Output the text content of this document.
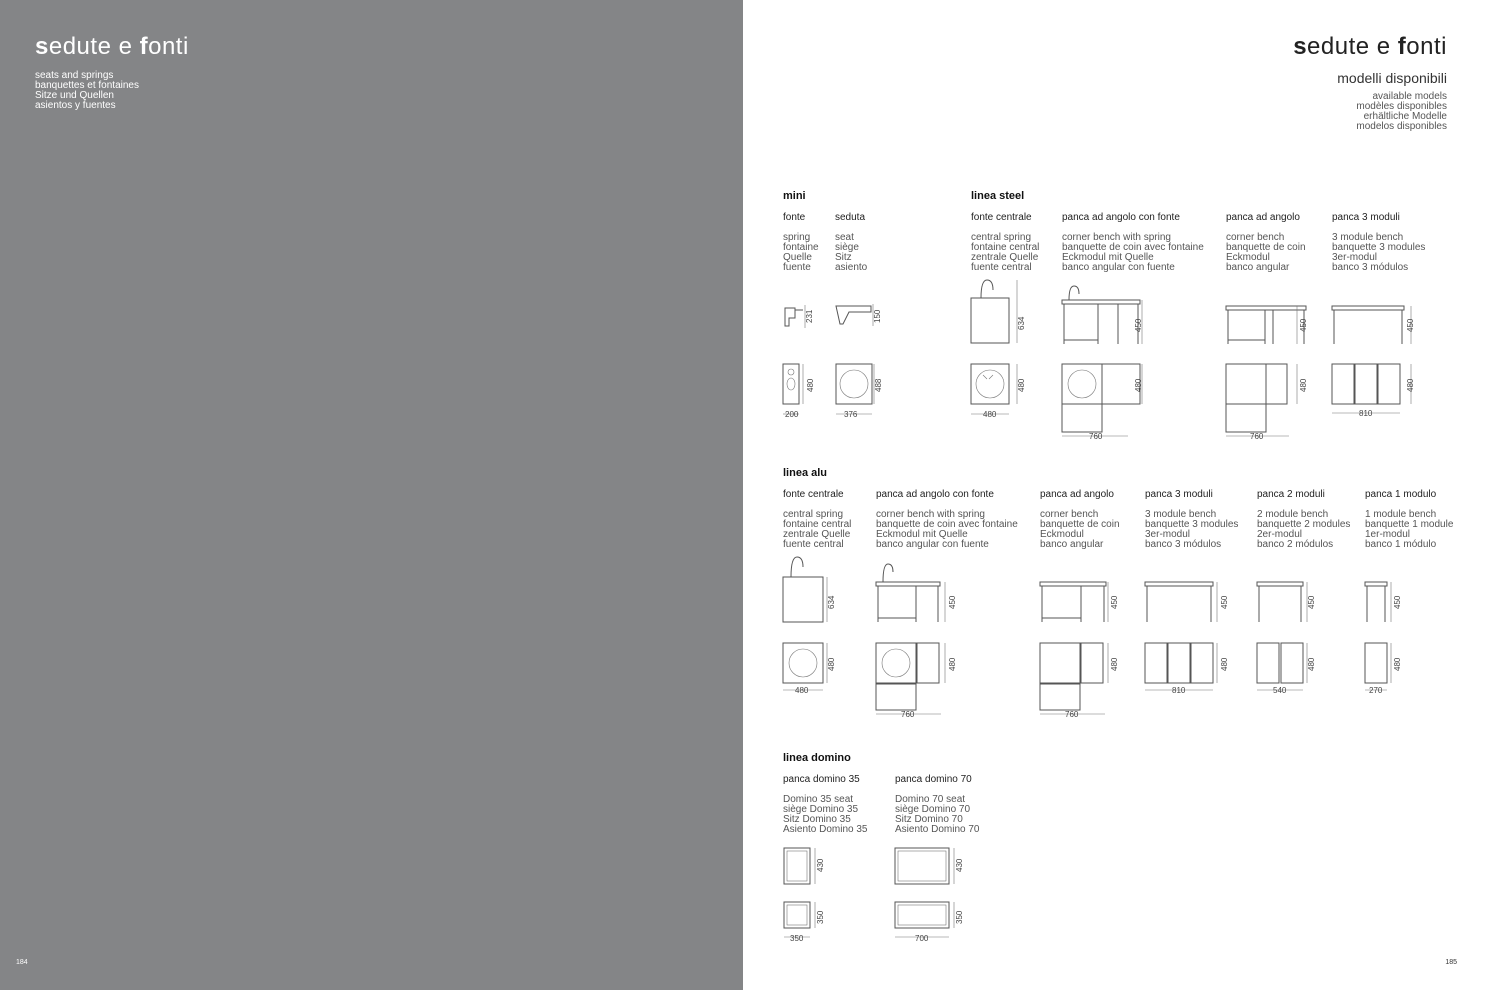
sedute e fonti
seats and springs
banquettes et fontaines
Sitze und Quellen
asientos y fuentes
184
sedute e fonti
modelli disponibili
available models
modèles disponibles
erhältliche Modelle
modelos disponibles
mini	linea steel
linea alu
linea domino
fonte
spring
fontaine
Quelle
fuente
seduta
seat
siège
Sitz
asiento
fonte centrale
central spring
fontaine central
zentrale Quelle
fuente central
panca ad angolo con fonte
corner bench with spring
banquette de coin avec fontaine
Eckmodul mit Quelle
banco angular con fuente
panca ad angolo
corner bench
banquette de coin
Eckmodul
banco angular
panca 3 moduli
3 module bench
banquette 3 modules
3er-modul
banco 3 módulos
fonte centrale
central spring
fontaine central
zentrale Quelle
fuente central
panca ad angolo con fonte
corner bench with spring
banquette de coin avec fontaine
Eckmodul mit Quelle
banco angular con fuente
panca ad angolo
corner bench
banquette de coin
Eckmodul
banco angular
panca 3 moduli
3 module bench
banquette 3 modules
3er-modul
banco 3 módulos
panca 2 moduli
2 module bench
banquette 2 modules
2er-modul
banco 2 módulos
panca 1 modulo
1 module bench
banquette 1 module
1er-modul
banco 1 módulo
panca domino 35
Domino 35 seat
siège Domino 35
Sitz Domino 35
Asiento Domino 35
panca domino 70
Domino 70 seat
siège Domino 70
Sitz Domino 70
Asiento Domino 70
231	150
480
200
488
376
634
480
480
450
480
760
450
480
760
450
480
810
634
480
480
450
480
760
450
480
760
450
480
810
450
480
540
450
480
270
430
350
350
430
350
700
185
